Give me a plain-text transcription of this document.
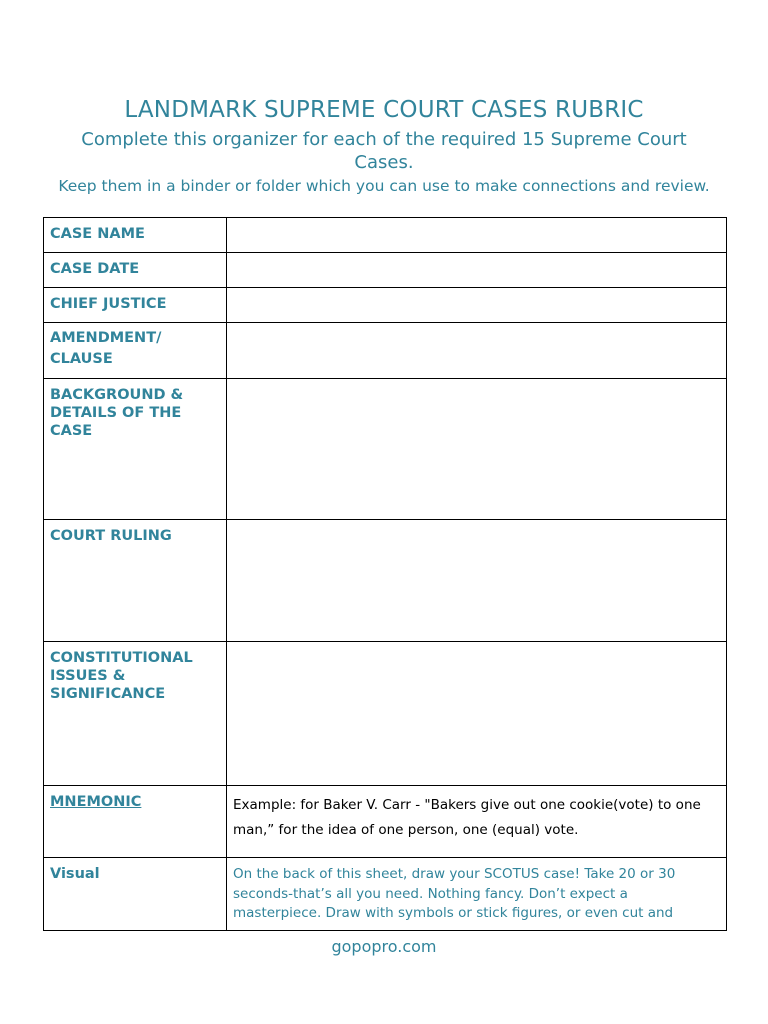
LANDMARK SUPREME COURT CASES RUBRIC
Complete this organizer for each of the required 15 Supreme Court Cases.
Keep them in a binder or folder which you can use to make connections and review.
CASE NAME	
CASE DATE	
CHIEF JUSTICE	
AMENDMENT/ CLAUSE	
BACKGROUND & DETAILS OF THE CASE	
COURT RULING	
CONSTITUTIONAL ISSUES & SIGNIFICANCE	
MNEMONIC	Example: for Baker V. Carr - "Bakers give out one cookie(vote) to one man,” for the idea of one person, one (equal) vote.

Visual	On the back of this sheet, draw your SCOTUS case! Take 20 or 30 seconds-that’s all you need. Nothing fancy. Don’t expect a masterpiece. Draw with symbols or stick figures, or even cut and
gopopro.com
